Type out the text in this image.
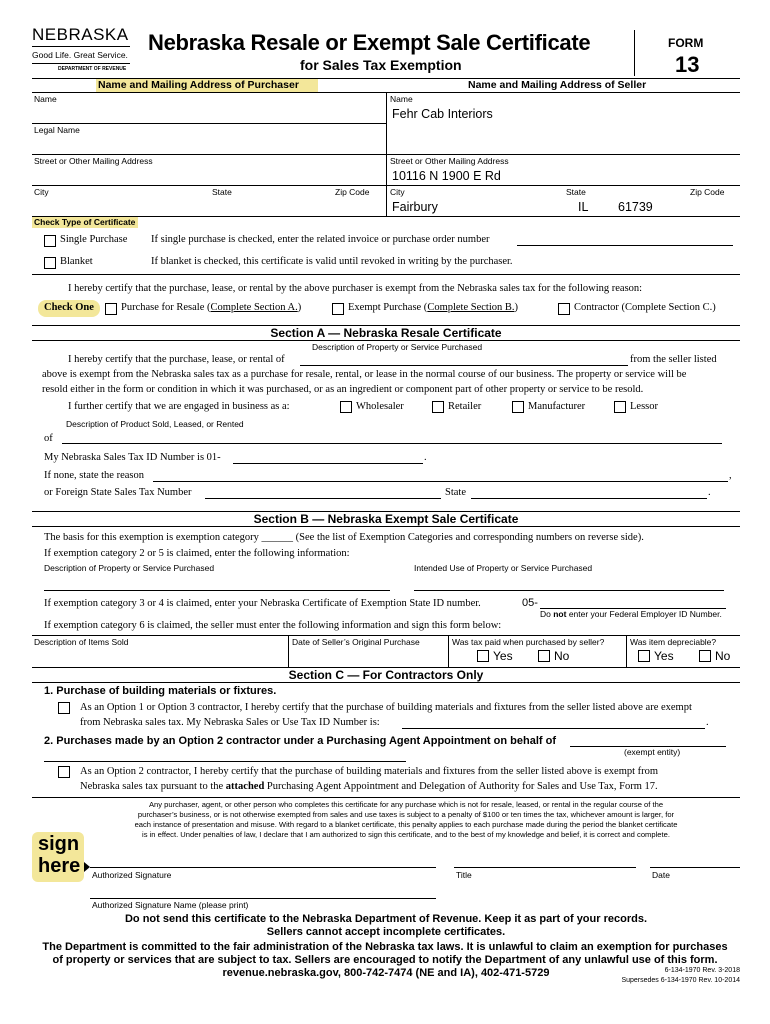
NEBRASKA
Good Life. Great Service.
DEPARTMENT OF REVENUE
Nebraska Resale or Exempt Sale Certificate
for Sales Tax Exemption
FORM
13
Name and Mailing Address of Purchaser	Name and Mailing Address of Seller
Name	Name
Fehr Cab Interiors
Legal Name
Street or Other Mailing Address	Street or Other Mailing Address
10116 N 1900 E Rd
City	State	Zip Code City	State	Zip Code
Fairbury	IL 61739
Check Type of Certificate
Single Purchase If single purchase is checked, enter the related invoice or purchase order number
Blanket	If blanket is checked, this certificate is valid until revoked in writing by the purchaser.
I hereby certify that the purchase, lease, or rental by the above purchaser is exempt from the Nebraska sales tax for the following reason:
Check One	Purchase for Resale (Complete Section A.)	Exempt Purchase (Complete Section B.)	Contractor (Complete Section C.)
Section A — Nebraska Resale Certificate
Description of Property or Service Purchased
I hereby certify that the purchase, lease, or rental of	from the seller listed
above is exempt from the Nebraska sales tax as a purchase for resale, rental, or lease in the normal course of our business. The property or service will be
resold either in the form or condition in which it was purchased, or as an ingredient or component part of other property or service to be resold.
I further certify that we are engaged in business as a:	Wholesaler	Retailer	Manufacturer	Lessor
Description of Product Sold, Leased, or Rented
of
My Nebraska Sales Tax ID Number is 01-	.
If none, state the reason	,
or Foreign State Sales Tax Number	State	.
Section B — Nebraska Exempt Sale Certificate
The basis for this exemption is exemption category ______ (See the list of Exemption Categories and corresponding numbers on reverse side).
If exemption category 2 or 5 is claimed, enter the following information:
Description of Property or Service Purchased	Intended Use of Property or Service Purchased
If exemption category 3 or 4 is claimed, enter your Nebraska Certificate of Exemption State ID number.	05-
Do not enter your Federal Employer ID Number.
If exemption category 6 is claimed, the seller must enter the following information and sign this form below:
Description of Items Sold	Date of Seller’s Original Purchase	Was tax paid when purchased by seller?	Was item depreciable?
Yes	No	Yes	No
Section C — For Contractors Only
1. Purchase of building materials or fixtures.
As an Option 1 or Option 3 contractor, I hereby certify that the purchase of building materials and fixtures from the seller listed above are exempt
from Nebraska sales tax. My Nebraska Sales or Use Tax ID Number is:	.
2. Purchases made by an Option 2 contractor under a Purchasing Agent Appointment on behalf of
(exempt entity)
As an Option 2 contractor, I hereby certify that the purchase of building materials and fixtures from the seller listed above is exempt from
Nebraska sales tax pursuant to the attached Purchasing Agent Appointment and Delegation of Authority for Sales and Use Tax, Form 17.
Any purchaser, agent, or other person who completes this certificate for any purchase which is not for resale, leased, or rental in the regular course of the
purchaser’s business, or is not otherwise exempted from sales and use taxes is subject to a penalty of $100 or ten times the tax, whichever amount is larger, for
each instance of presentation and misuse. With regard to a blanket certificate, this penalty applies to each purchase made during the period the blanket certificate
is in effect. Under penalties of law, I declare that I am authorized to sign this certificate, and to the best of my knowledge and belief, it is correct and complete.
sign
here Authorized Signature	Title	Date
Authorized Signature Name (please print)
Do not send this certificate to the Nebraska Department of Revenue. Keep it as part of your records.
Sellers cannot accept incomplete certificates.
The Department is committed to the fair administration of the Nebraska tax laws. It is unlawful to claim an exemption for purchases
of property or services that are subject to tax. Sellers are encouraged to notify the Department of any unlawful use of this form.
revenue.nebraska.gov, 800-742-7474 (NE and IA), 402-471-5729	6-134-1970 Rev. 3-2018
Supersedes 6-134-1970 Rev. 10-2014
